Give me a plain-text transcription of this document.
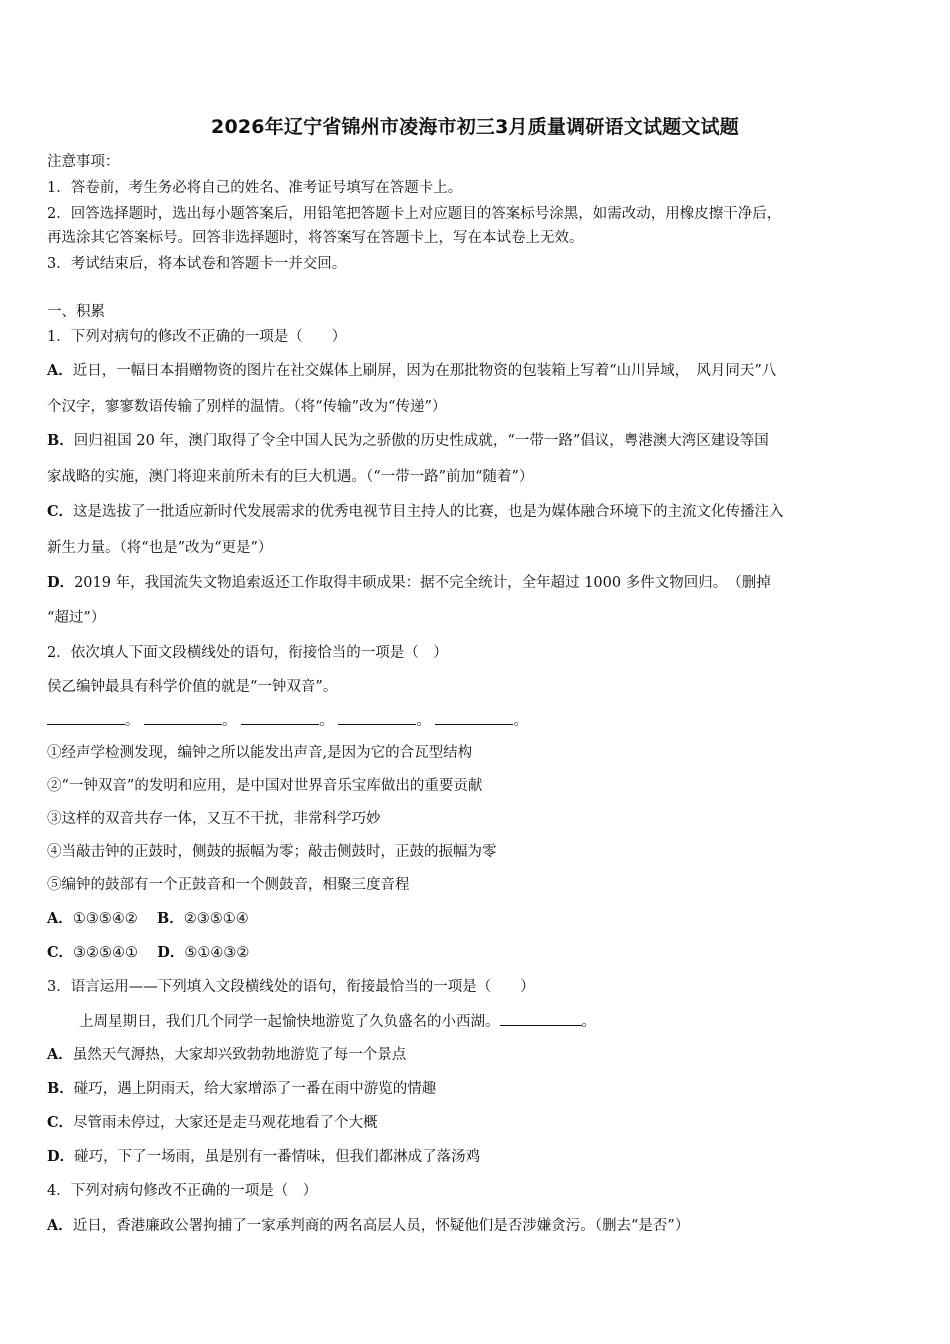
2026年辽宁省锦州市凌海市初三3月质量调研语文试题文试题
注意事项：
1．答卷前，考生务必将自己的姓名、准考证号填写在答题卡上。
2．回答选择题时，选出每小题答案后，用铅笔把答题卡上对应题目的答案标号涂黑，如需改动，用橡皮擦干净后，
再选涂其它答案标号。回答非选择题时，将答案写在答题卡上，写在本试卷上无效。
3．考试结束后，将本试卷和答题卡一并交回。
一、积累
1．下列对病句的修改不正确的一项是（　　）
A．近日，一幅日本捐赠物资的图片在社交媒体上刷屏，因为在那批物资的包装箱上写着“山川异域，　风月同天”八
个汉字，寥寥数语传输了别样的温情。（将“传输”改为“传递”）
B．回归祖国 20 年，澳门取得了令全中国人民为之骄傲的历史性成就，“一带一路”倡议，粤港澳大湾区建设等国
家战略的实施，澳门将迎来前所未有的巨大机遇。（“一带一路”前加“随着”）
C．这是选拔了一批适应新时代发展需求的优秀电视节目主持人的比赛，也是为媒体融合环境下的主流文化传播注入
新生力量。（将“也是”改为“更是”）
D．2019 年，我国流失文物追索返还工作取得丰硕成果：据不完全统计，全年超过 1000 多件文物回归。　（删掉
“超过”）
2．依次填人下面文段横线处的语句，衔接恰当的一项是（　）
侯乙编钟最具有科学价值的就是“一钟双音”。
。	。	。	。	。
①经声学检测发现，编钟之所以能发出声音,是因为它的合瓦型结构
②“一钟双音”的发明和应用，是中国对世界音乐宝库做出的重要贡献
③这样的双音共存一体，又互不干扰，非常科学巧妙
④当敲击钟的正鼓时，侧鼓的振幅为零；敲击侧鼓时，正鼓的振幅为零
⑤编钟的鼓部有一个正鼓音和一个侧鼓音，相聚三度音程
A．①③⑤④② B．②③⑤①④
C．③②⑤④① D．⑤①④③②
3．语言运用——下列填入文段横线处的语句，衔接最恰当的一项是（　　）
上周星期日，我们几个同学一起愉快地游览了久负盛名的小西湖。	。
A．虽然天气溽热，大家却兴致勃勃地游览了每一个景点
B．碰巧，遇上阴雨天，给大家增添了一番在雨中游览的情趣
C．尽管雨未停过，大家还是走马观花地看了个大概
D．碰巧，下了一场雨，虽是别有一番情味，但我们都淋成了落汤鸡
4．下列对病句修改不正确的一项是（　）
A．近日，香港廉政公署拘捕了一家承判商的两名高层人员，怀疑他们是否涉嫌贪污。（删去“是否”）
